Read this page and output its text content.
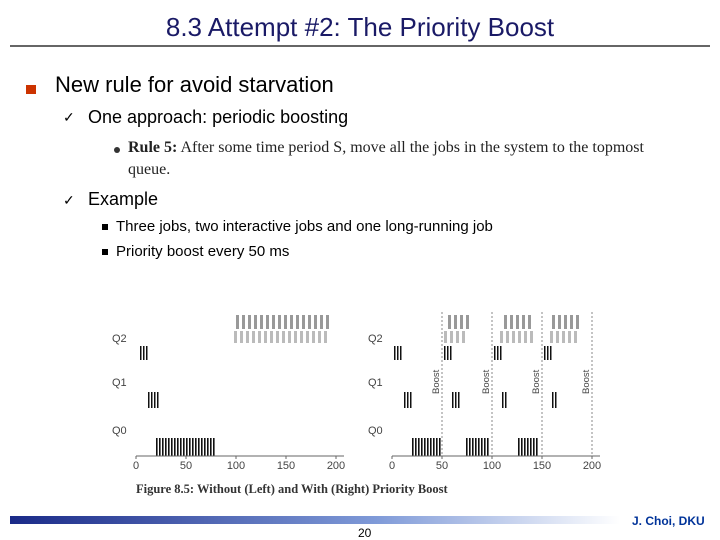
8.3 Attempt #2: The Priority Boost
New rule for avoid starvation
✓ One approach: periodic boosting
Rule 5: After some time period S, move all the jobs in the system to the topmost queue.
✓ Example
Three jobs, two interactive jobs and one long-running job
Priority boost every 50 ms
Q2
Q1
Q0
0	50	100	150	200
Q2
Q1
Q0
Boost	Boost	Boost	Boost
0	50	100	150	200
Figure 8.5: Without (Left) and With (Right) Priority Boost
20
J. Choi, DKU
